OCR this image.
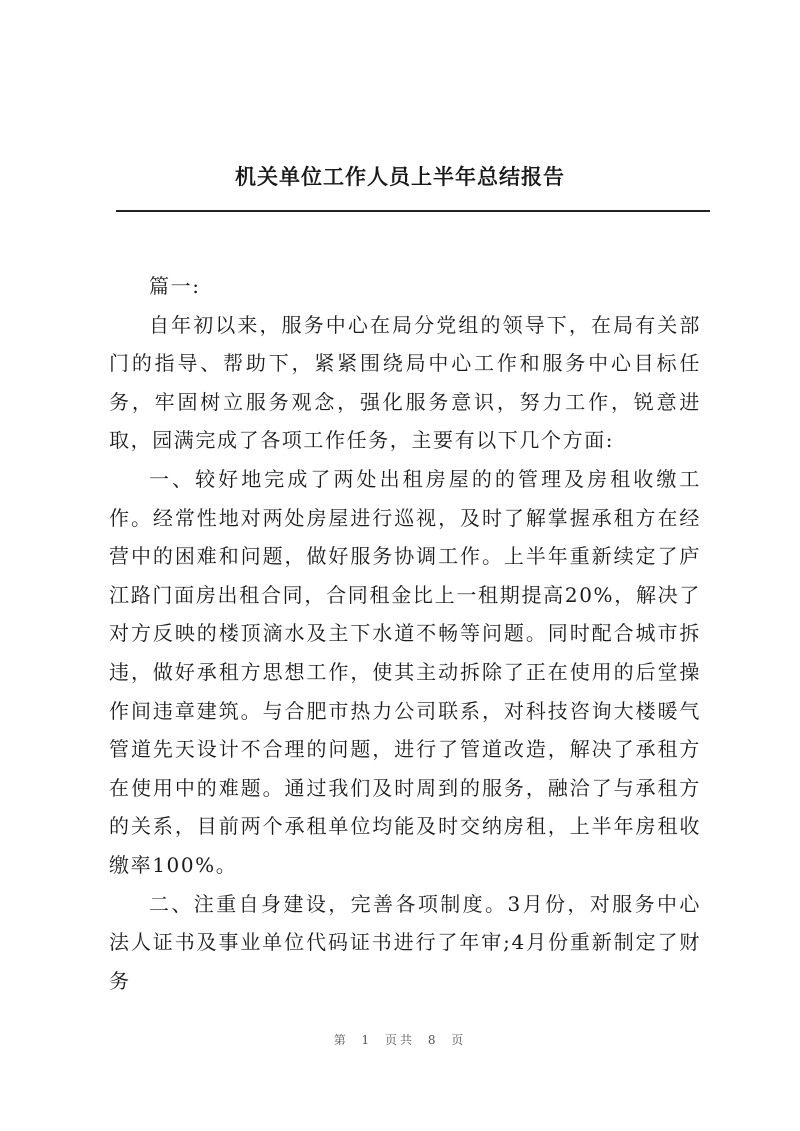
机关单位工作人员上半年总结报告

篇一:

自年初以来，服务中心在局分党组的领导下，在局有关部门的指导、帮助下，紧紧围绕局中心工作和服务中心目标任务，牢固树立服务观念，强化服务意识，努力工作，锐意进取，园满完成了各项工作任务，主要有以下几个方面:

一、较好地完成了两处出租房屋的的管理及房租收缴工作。经常性地对两处房屋进行巡视，及时了解掌握承租方在经营中的困难和问题，做好服务协调工作。上半年重新续定了庐江路门面房出租合同，合同租金比上一租期提高20%，解决了对方反映的楼顶滴水及主下水道不畅等问题。同时配合城市拆违，做好承租方思想工作，使其主动拆除了正在使用的后堂操作间违章建筑。与合肥市热力公司联系，对科技咨询大楼暖气管道先天设计不合理的问题，进行了管道改造，解决了承租方在使用中的难题。通过我们及时周到的服务，融洽了与承租方的关系，目前两个承租单位均能及时交纳房租，上半年房租收缴率100%。

二、注重自身建设，完善各项制度。3月份，对服务中心法人证书及事业单位代码证书进行了年审;4月份重新制定了财务

第 1 页共 8 页
